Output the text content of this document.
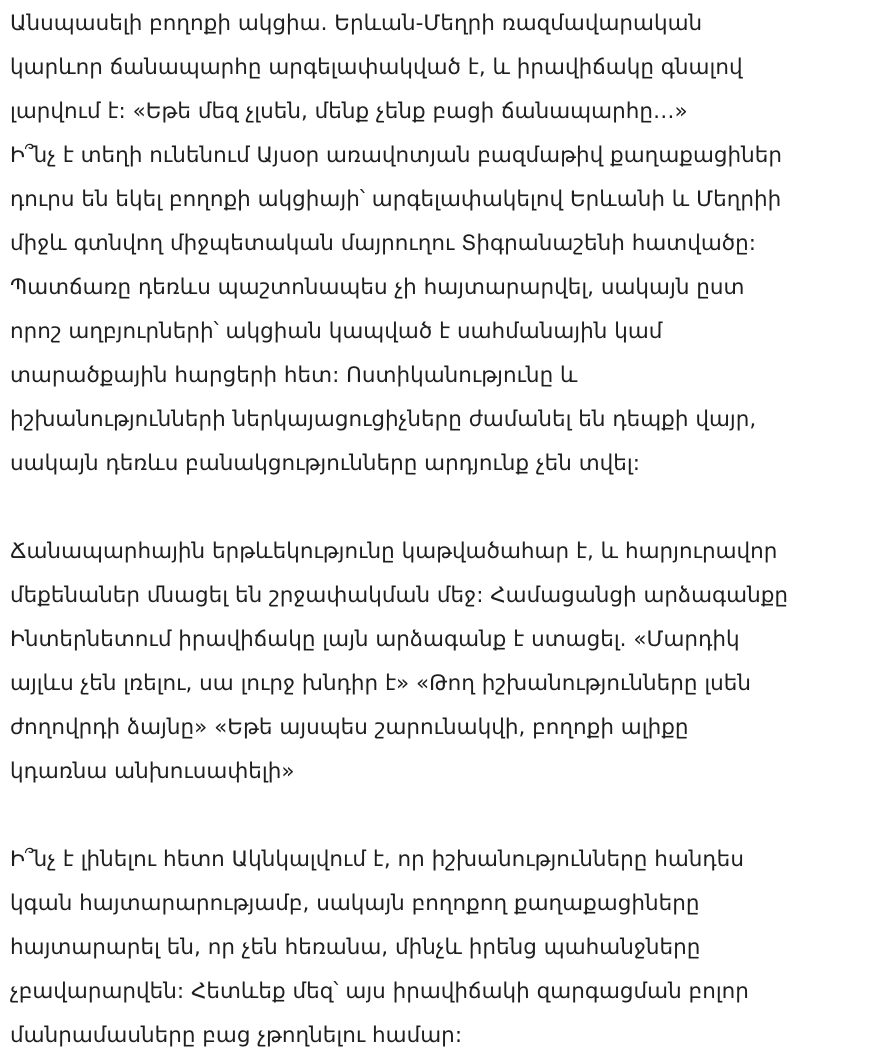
Անսպասելի բողոքի ակցիա. Երևան-Մեղրի ռազմավարական
կարևոր ճանապարհը արգելափակված է, և իրավիճակը գնալով
լարվում է: «Եթե մեզ չլսեն, մենք չենք բացի ճանապարհը…»
Ի՞նչ է տեղի ունենում Այսօր առավոտյան բազմաթիվ քաղաքացիներ
դուրս են եկել բողոքի ակցիայի՝ արգելափակելով Երևանի և Մեղրիի
միջև գտնվող միջպետական մայրուղու Տիգրանաշենի հատվածը:
Պատճառը դեռևս պաշտոնապես չի հայտարարվել, սակայն ըստ
որոշ աղբյուրների՝ ակցիան կապված է սահմանային կամ
տարածքային հարցերի հետ: Ոստիկանությունը և
իշխանությունների ներկայացուցիչները ժամանել են դեպքի վայր,
սակայն դեռևս բանակցությունները արդյունք չեն տվել:

Ճանապարհային երթևեկությունը կաթվածահար է, և հարյուրավոր
մեքենաներ մնացել են շրջափակման մեջ: Համացանցի արձագանքը
Ինտերնետում իրավիճակը լայն արձագանք է ստացել. «Մարդիկ
այլևս չեն լռելու, սա լուրջ խնդիր է» «Թող իշխանությունները լսեն
ժողովրդի ձայնը» «Եթե այսպես շարունակվի, բողոքի ալիքը
կդառնա անխուսափելի»

Ի՞նչ է լինելու հետո Ակնկալվում է, որ իշխանությունները հանդես
կգան հայտարարությամբ, սակայն բողոքող քաղաքացիները
հայտարարել են, որ չեն հեռանա, մինչև իրենց պահանջները
չբավարարվեն: Հետևեք մեզ՝ այս իրավիճակի զարգացման բոլոր
մանրամասները բաց չթողնելու համար:
